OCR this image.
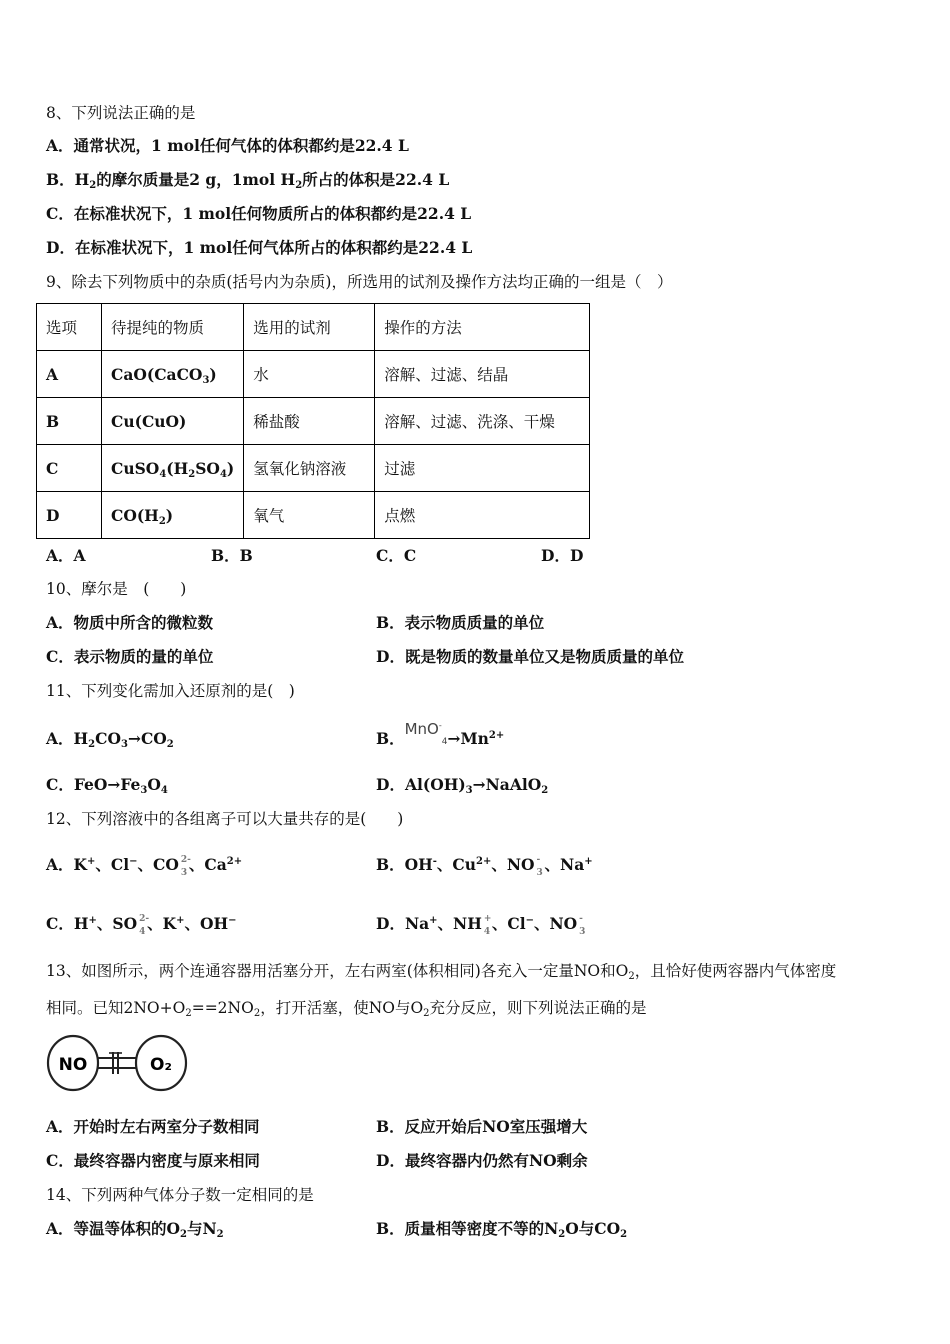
8、下列说法正确的是
A．通常状况，1 mol任何气体的体积都约是22.4 L
B．$H_2$的摩尔质量是2 g，1mol $H_2$所占的体积是22.4 L
C．在标准状况下，1 mol任何物质所占的体积都约是22.4 L
D．在标准状况下，1 mol任何气体所占的体积都约是22.4 L
9、除去下列物质中的杂质(括号内为杂质)，所选用的试剂及操作方法均正确的一组是（　）
选项	待提纯的物质	选用的试剂	操作的方法
A	CaO(CaCO$_3$)	水	溶解、过滤、结晶
B	Cu(CuO)	稀盐酸	溶解、过滤、洗涤、干燥
C	$CuSO_4(H_2SO_4)$	氢氧化钠溶液	过滤
D	$CO(H_2)$	氧气	点燃
A．A	B．B	C．C	D．D
10、摩尔是　(　　)
A．物质中所含的微粒数	B．表示物质质量的单位
C．表示物质的量的单位	D．既是物质的数量单位又是物质质量的单位
11、下列变化需加入还原剂的是(　)
A．$H_2CO_3\to CO_2$	B．$MnO^-_4\to Mn^{2+}$
C．$FeO\to Fe_3O_4$	D．$Al(OH)_3\to NaAlO_2$
12、下列溶液中的各组离子可以大量共存的是(　　)
A．K+、Cl−、CO 2-
3 、$Ca^{2+}$	B．OH-、$Cu^{2+}$、NO -
3 、Na+
C．H+、SO 2-
4 、K+、OH−	D．Na+、NH +
4 、Cl−、NO -
3
13、如图所示，两个连通容器用活塞分开，左右两室(体积相同)各充入一定量NO和$O_2$，且恰好使两容器内气体密度
相同。已知$2NO+O_2==2NO_2$，打开活塞，使NO与$O_2$充分反应，则下列说法正确的是
NO	O₂
A．开始时左右两室分子数相同	B．反应开始后NO室压强增大
C．最终容器内密度与原来相同	D．最终容器内仍然有NO剩余
14、下列两种气体分子数一定相同的是
A．等温等体积的$O_2$与$N_2$	B．质量相等密度不等的$N_2O$与$CO_2$
